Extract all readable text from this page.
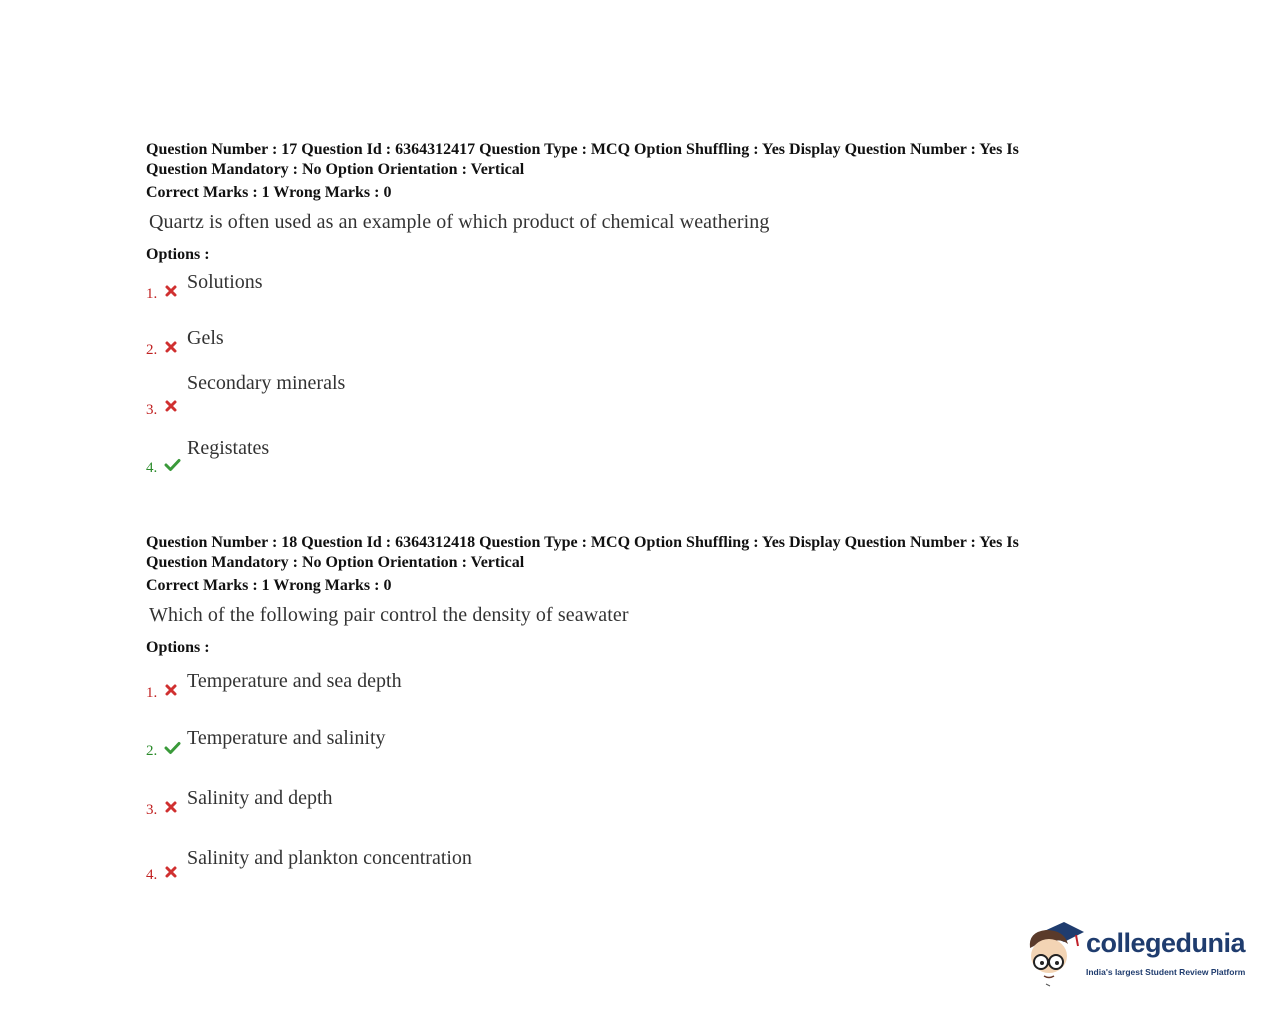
Question Number : 17 Question Id : 6364312417 Question Type : MCQ Option Shuffling : Yes Display Question Number : Yes Is

Question Mandatory : No Option Orientation : Vertical

Correct Marks : 1 Wrong Marks : 0
Quartz is often used as an example of which product of chemical weathering
Options :
1.
Solutions
2.
Gels
3.
Secondary minerals
4.
Registates

Question Number : 18 Question Id : 6364312418 Question Type : MCQ Option Shuffling : Yes Display Question Number : Yes Is

Question Mandatory : No Option Orientation : Vertical

Correct Marks : 1 Wrong Marks : 0
Which of the following pair control the density of seawater
Options :
1.
Temperature and sea depth
2.
Temperature and salinity
3.
Salinity and depth
4.
Salinity and plankton concentration
collegedunia
India's largest Student Review Platform
